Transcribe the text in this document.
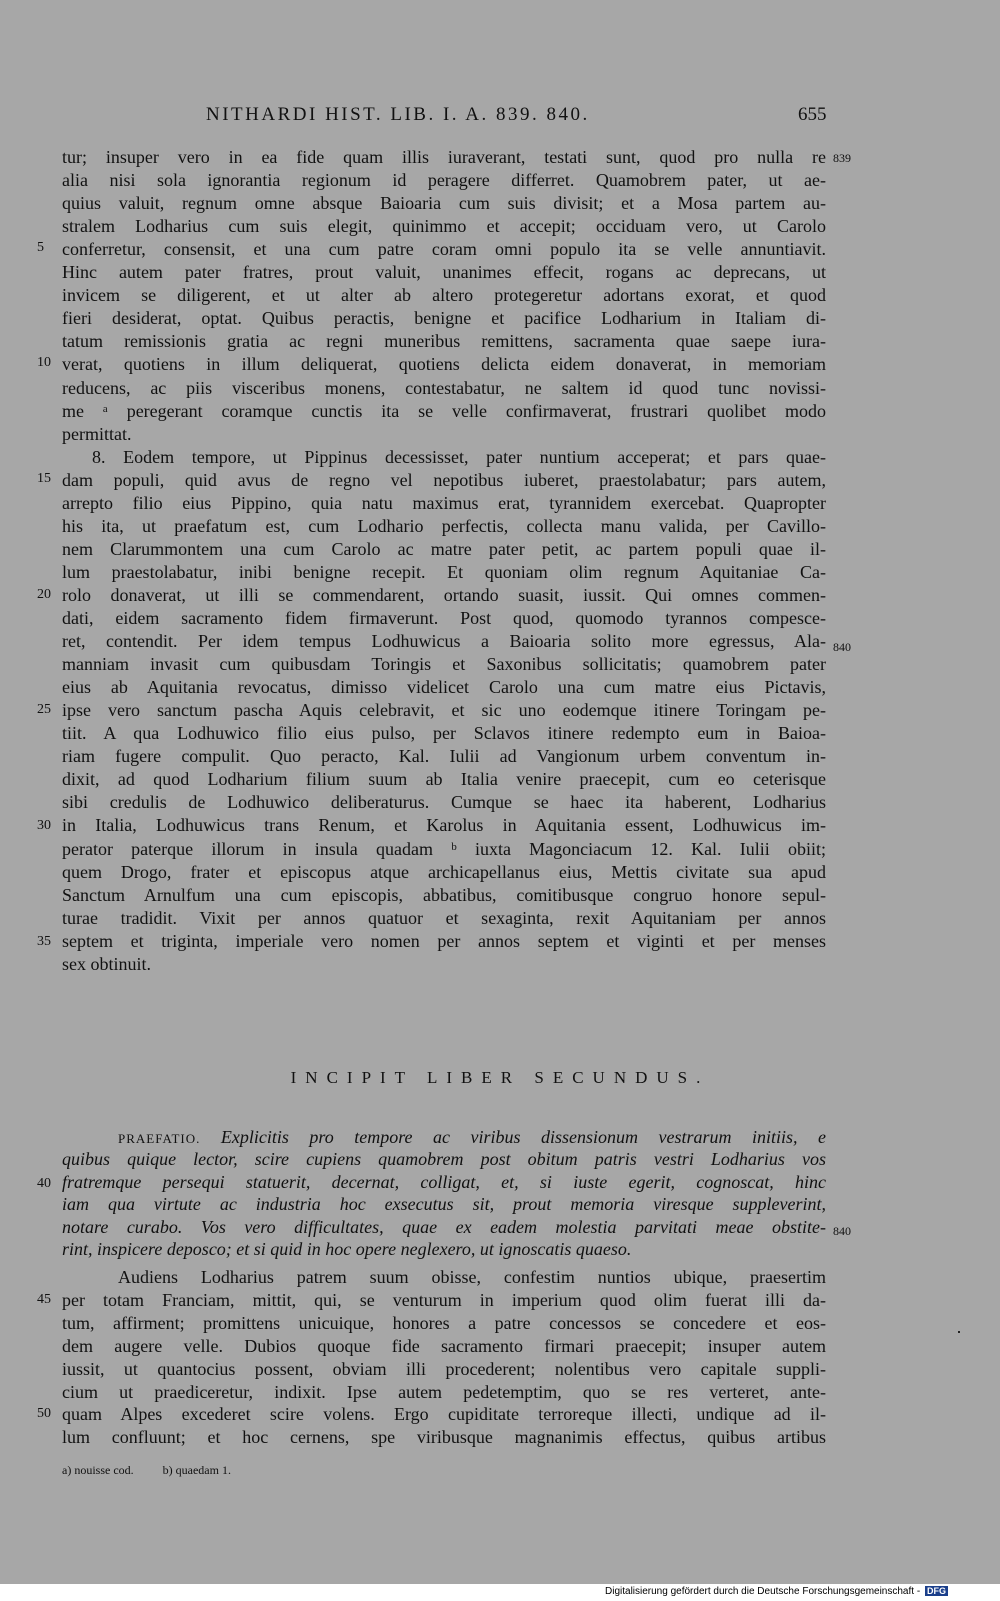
NITHARDI HIST. LIB. I. A. 839. 840.	655
tur; insuper vero in ea fide quam illis iuraverant, testati sunt, quod pro nulla re
alia nisi sola ignorantia regionum id peragere differret. Quamobrem pater, ut ae-
quius valuit, regnum omne absque Baioaria cum suis divisit; et a Mosa partem au-
stralem Lodharius cum suis elegit, quinimmo et accepit; occiduam vero, ut Carolo
conferretur, consensit, et una cum patre coram omni populo ita se velle annuntiavit.
Hinc autem pater fratres, prout valuit, unanimes effecit, rogans ac deprecans, ut
invicem se diligerent, et ut alter ab altero protegeretur adortans exorat, et quod
fieri desiderat, optat. Quibus peractis, benigne et pacifice Lodharium in Italiam di-
tatum remissionis gratia ac regni muneribus remittens, sacramenta quae saepe iura-
verat, quotiens in illum deliquerat, quotiens delicta eidem donaverat, in memoriam
reducens, ac piis visceribus monens, contestabatur, ne saltem id quod tunc novissi-
me ᵃ peregerant coramque cunctis ita se velle confirmaverat, frustrari quolibet modo
permittat.
8. Eodem tempore, ut Pippinus decessisset, pater nuntium acceperat; et pars quae-
dam populi, quid avus de regno vel nepotibus iuberet, praestolabatur; pars autem,
arrepto filio eius Pippino, quia natu maximus erat, tyrannidem exercebat. Quapropter
his ita, ut praefatum est, cum Lodhario perfectis, collecta manu valida, per Cavillo-
nem Clarummontem una cum Carolo ac matre pater petit, ac partem populi quae il-
lum praestolabatur, inibi benigne recepit. Et quoniam olim regnum Aquitaniae Ca-
rolo donaverat, ut illi se commendarent, ortando suasit, iussit. Qui omnes commen-
dati, eidem sacramento fidem firmaverunt. Post quod, quomodo tyrannos compesce-
ret, contendit. Per idem tempus Lodhuwicus a Baioaria solito more egressus, Ala-
manniam invasit cum quibusdam Toringis et Saxonibus sollicitatis; quamobrem pater
eius ab Aquitania revocatus, dimisso videlicet Carolo una cum matre eius Pictavis,
ipse vero sanctum pascha Aquis celebravit, et sic uno eodemque itinere Toringam pe-
tiit. A qua Lodhuwico filio eius pulso, per Sclavos itinere redempto eum in Baioa-
riam fugere compulit. Quo peracto, Kal. Iulii ad Vangionum urbem conventum in-
dixit, ad quod Lodharium filium suum ab Italia venire praecepit, cum eo ceterisque
sibi credulis de Lodhuwico deliberaturus. Cumque se haec ita haberent, Lodharius
in Italia, Lodhuwicus trans Renum, et Karolus in Aquitania essent, Lodhuwicus im-
perator paterque illorum in insula quadam ᵇ iuxta Magonciacum 12. Kal. Iulii obiit;
quem Drogo, frater et episcopus atque archicapellanus eius, Mettis civitate sua apud
Sanctum Arnulfum una cum episcopis, abbatibus, comitibusque congruo honore sepul-
turae tradidit. Vixit per annos quatuor et sexaginta, rexit Aquitaniam per annos
septem et triginta, imperiale vero nomen per annos septem et viginti et per menses
sex obtinuit.
PRAEFATIO. Explicitis pro tempore ac viribus dissensionum vestrarum initiis, e
quibus quique lector, scire cupiens quamobrem post obitum patris vestri Lodharius vos
fratremque persequi statuerit, decernat, colligat, et, si iuste egerit, cognoscat, hinc
iam qua virtute ac industria hoc exsecutus sit, prout memoria viresque suppleverint,
notare curabo. Vos vero difficultates, quae ex eadem molestia parvitati meae obstite-
rint, inspicere deposco; et si quid in hoc opere neglexero, ut ignoscatis quaeso.
Audiens Lodharius patrem suum obisse, confestim nuntios ubique, praesertim
per totam Franciam, mittit, qui, se venturum in imperium quod olim fuerat illi da-
tum, affirment; promittens unicuique, honores a patre concessos se concedere et eos-
dem augere velle. Dubios quoque fide sacramento firmari praecepit; insuper autem
iussit, ut quantocius possent, obviam illi procederent; nolentibus vero capitale suppli-
cium ut praediceretur, indixit. Ipse autem pedetemptim, quo se res verteret, ante-
quam Alpes excederet scire volens. Ergo cupiditate terroreque illecti, undique ad il-
lum confluunt; et hoc cernens, spe viribusque magnanimis effectus, quibus artibus
5
10
15
20
25
30
35
40
45
50
839
840
840
INCIPIT LIBER SECUNDUS.
a) nouisse cod. b) quaedam 1.
Digitalisierung gefördert durch die Deutsche Forschungsgemeinschaft - DFG
